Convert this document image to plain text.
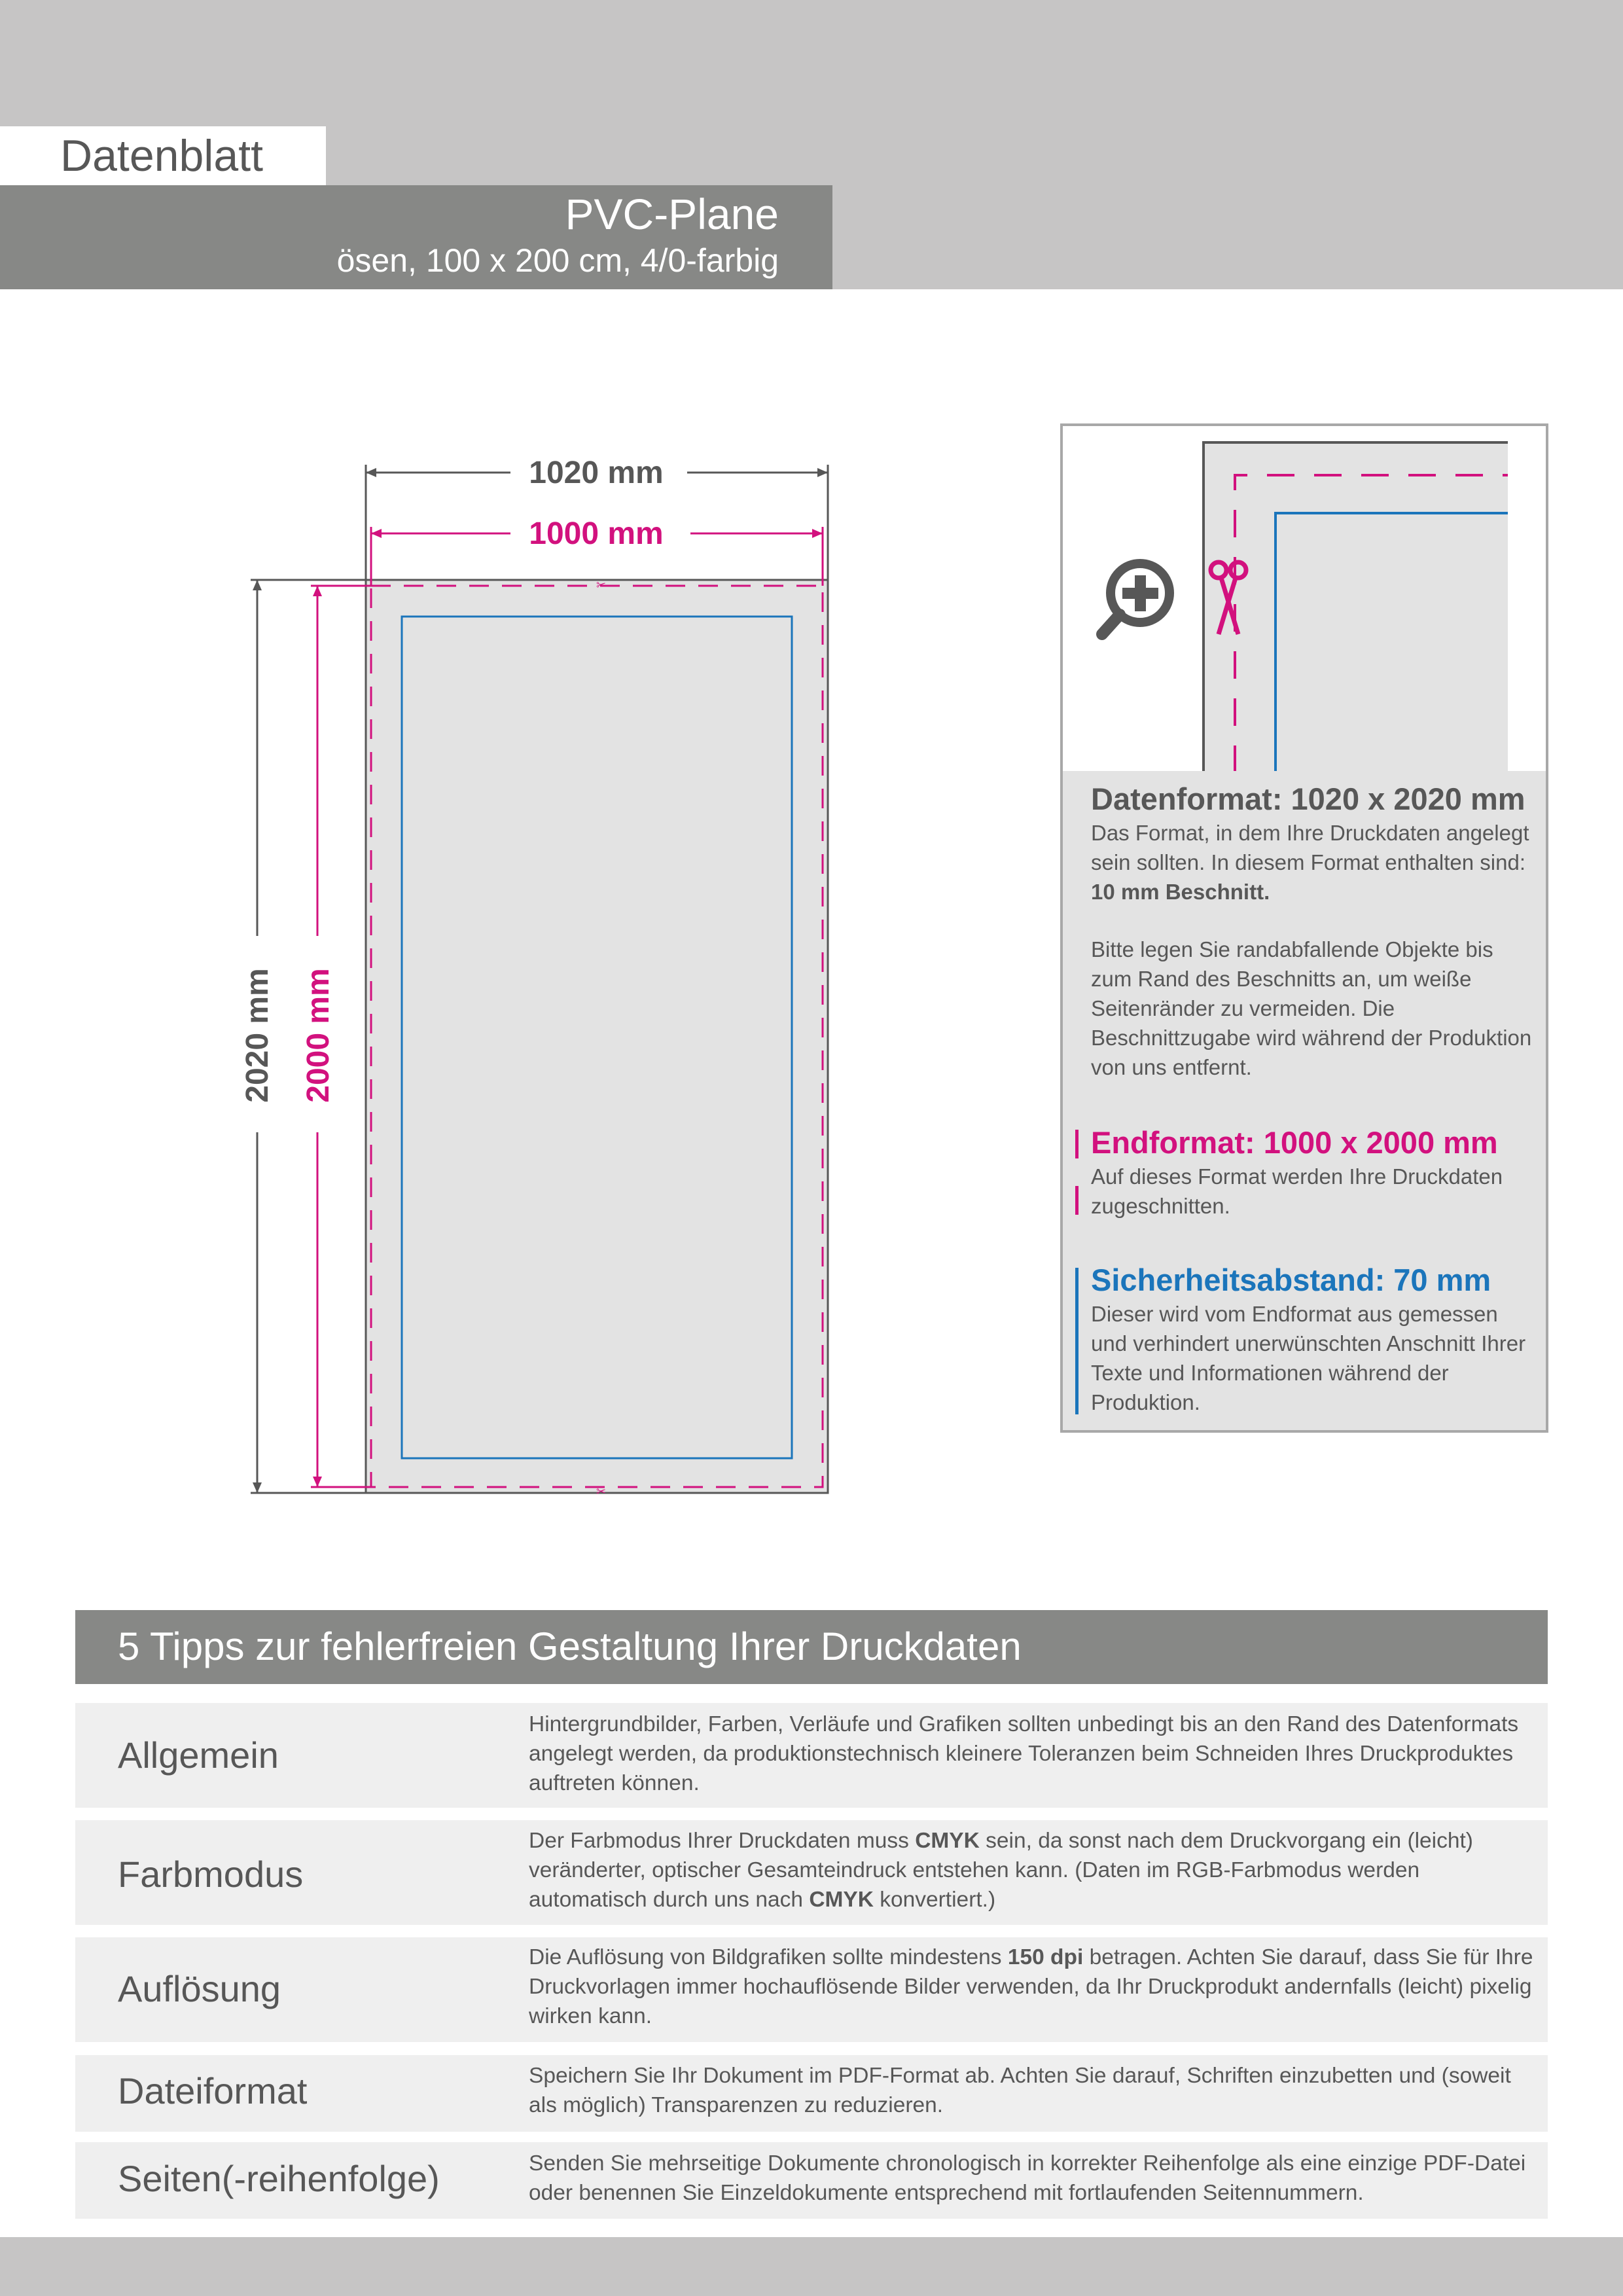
Datenblatt
PVC-Plane
ösen, 100 x 200 cm, 4/0-farbig
✂
✂
1020 mm
1000 mm
2020 mm 2000 mm
Datenformat: 1020 x 2020 mm
Das Format, in dem Ihre Druckdaten angelegt sein sollten. In diesem Format enthalten sind: 10 mm Beschnitt.
Bitte legen Sie randabfallende Objekte bis zum Rand des Beschnitts an, um weiße Seitenränder zu vermeiden. Die Beschnittzugabe wird während der Produktion von uns entfernt.
Endformat: 1000 x 2000 mm
Auf dieses Format werden Ihre Druckdaten zugeschnitten.
Sicherheitsabstand: 70 mm
Dieser wird vom Endformat aus gemessen und verhindert unerwünschten Anschnitt Ihrer Texte und Informationen während der Produktion.
5 Tipps zur fehlerfreien Gestaltung Ihrer Druckdaten
Allgemein
Hintergrundbilder, Farben, Verläufe und Grafiken sollten unbedingt bis an den Rand des Datenformats angelegt werden, da produktionstechnisch kleinere Toleranzen beim Schneiden Ihres Druckproduktes auftreten können.
Farbmodus
Der Farbmodus Ihrer Druckdaten muss CMYK sein, da sonst nach dem Druckvorgang ein (leicht) veränderter, optischer Gesamteindruck entstehen kann. (Daten im RGB-Farbmodus werden automatisch durch uns nach CMYK konvertiert.)
Auflösung
Die Auflösung von Bildgrafiken sollte mindestens 150 dpi betragen. Achten Sie darauf, dass Sie für Ihre Druckvorlagen immer hochauflösende Bilder verwenden, da Ihr Druckprodukt andernfalls (leicht) pixelig wirken kann.
Dateiformat	Speichern Sie Ihr Dokument im PDF-Format ab. Achten Sie darauf, Schriften einzubetten und (soweit als möglich) Transparenzen zu reduzieren.
Seiten(-reihenfolge)	Senden Sie mehrseitige Dokumente chronologisch in korrekter Reihenfolge als eine einzige PDF-Datei oder benennen Sie Einzeldokumente entsprechend mit fortlaufenden Seitennummern.
